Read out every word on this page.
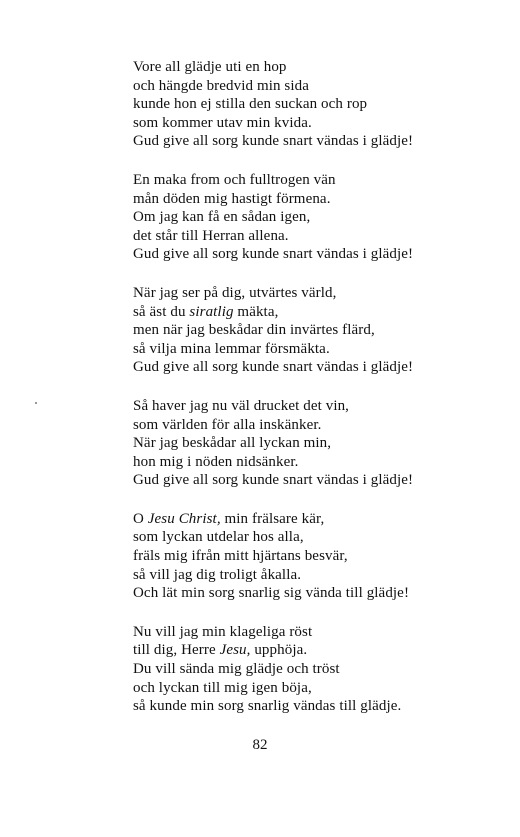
Vore all glädje uti en hop
och hängde bredvid min sida
kunde hon ej stilla den suckan och rop
som kommer utav min kvida.
Gud give all sorg kunde snart vändas i glädje!
En maka from och fulltrogen vän
mån döden mig hastigt förmena.
Om jag kan få en sådan igen,
det står till Herran allena.
Gud give all sorg kunde snart vändas i glädje!
När jag ser på dig, utvärtes värld,
så äst du siratlig mäkta,
men när jag beskådar din invärtes flärd,
så vilja mina lemmar försmäkta.
Gud give all sorg kunde snart vändas i glädje!
Så haver jag nu väl drucket det vin,
som världen för alla inskänker.
När jag beskådar all lyckan min,
hon mig i nöden nidsänker.
Gud give all sorg kunde snart vändas i glädje!
O Jesu Christ, min frälsare kär,
som lyckan utdelar hos alla,
fräls mig ifrån mitt hjärtans besvär,
så vill jag dig troligt åkalla.
Och lät min sorg snarlig sig vända till glädje!
Nu vill jag min klageliga röst
till dig, Herre Jesu, upphöja.
Du vill sända mig glädje och tröst
och lyckan till mig igen böja,
så kunde min sorg snarlig vändas till glädje.
82
